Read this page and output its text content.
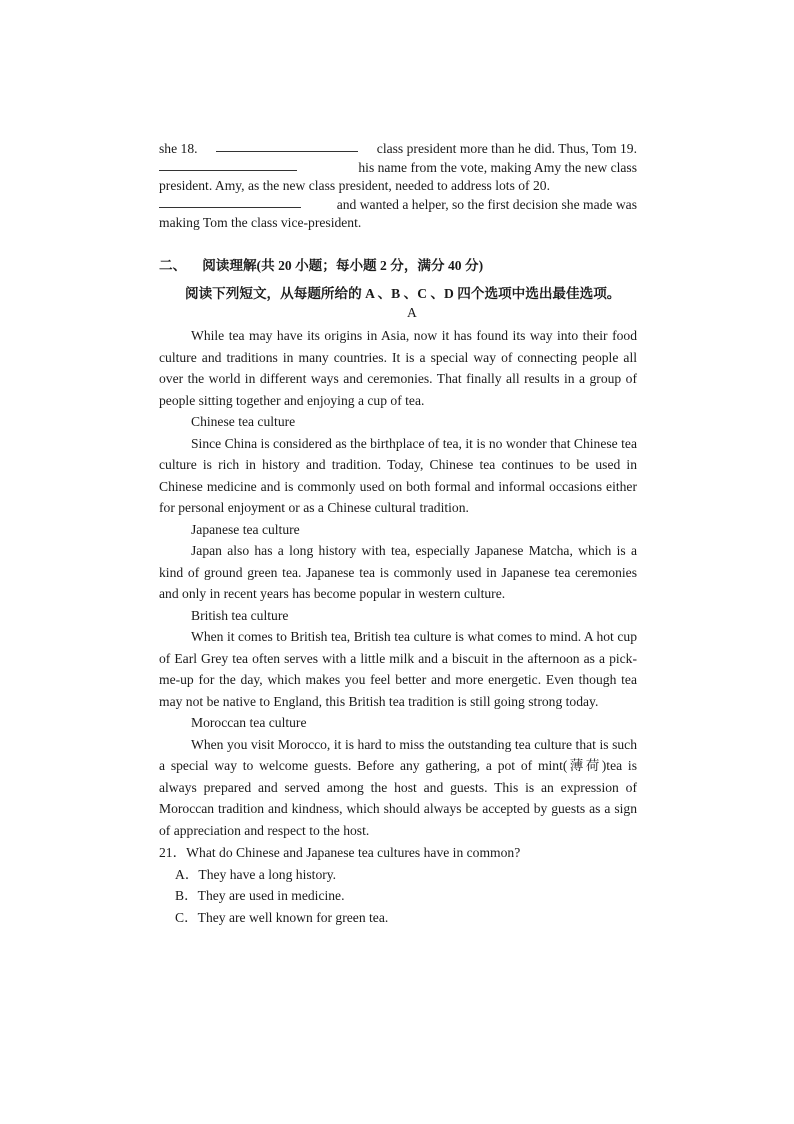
she 18.	class president more than he did. Thus, Tom 19.
his name from the vote, making Amy the new class
president. Amy, as the new class president, needed to address lots of 20.
and wanted a helper, so the first decision she made was
making Tom the class vice-president.
二、 阅读理解(共 20 小题；每小题 2 分，满分 40 分)
阅读下列短文，从每题所给的 A 、B 、C 、D 四个选项中选出最佳选项。
A

While tea may have its origins in Asia, now it has found its way into their food culture and traditions in many countries. It is a special way of connecting people all over the world in different ways and ceremonies. That finally all results in a group of people sitting together and enjoying a cup of tea.

Chinese tea culture

Since China is considered as the birthplace of tea, it is no wonder that Chinese tea culture is rich in history and tradition. Today, Chinese tea continues to be used in Chinese medicine and is commonly used on both formal and informal occasions either for personal enjoyment or as a Chinese cultural tradition.

Japanese tea culture

Japan also has a long history with tea, especially Japanese Matcha, which is a kind of ground green tea. Japanese tea is commonly used in Japanese tea ceremonies and only in recent years has become popular in western culture.

British tea culture

When it comes to British tea, British tea culture is what comes to mind. A hot cup of Earl Grey tea often serves with a little milk and a biscuit in the afternoon as a pick-me-up for the day, which makes you feel better and more energetic. Even though tea may not be native to England, this British tea tradition is still going strong today.

Moroccan tea culture

When you visit Morocco, it is hard to miss the outstanding tea culture that is such a special way to welcome guests. Before any gathering, a pot of mint(薄荷)tea is always prepared and served among the host and guests. This is an expression of Moroccan tradition and kindness, which should always be accepted by guests as a sign of appreciation and respect to the host.

21．What do Chinese and Japanese tea cultures have in common?

A．They have a long history.

B．They are used in medicine.

C．They are well known for green tea.
